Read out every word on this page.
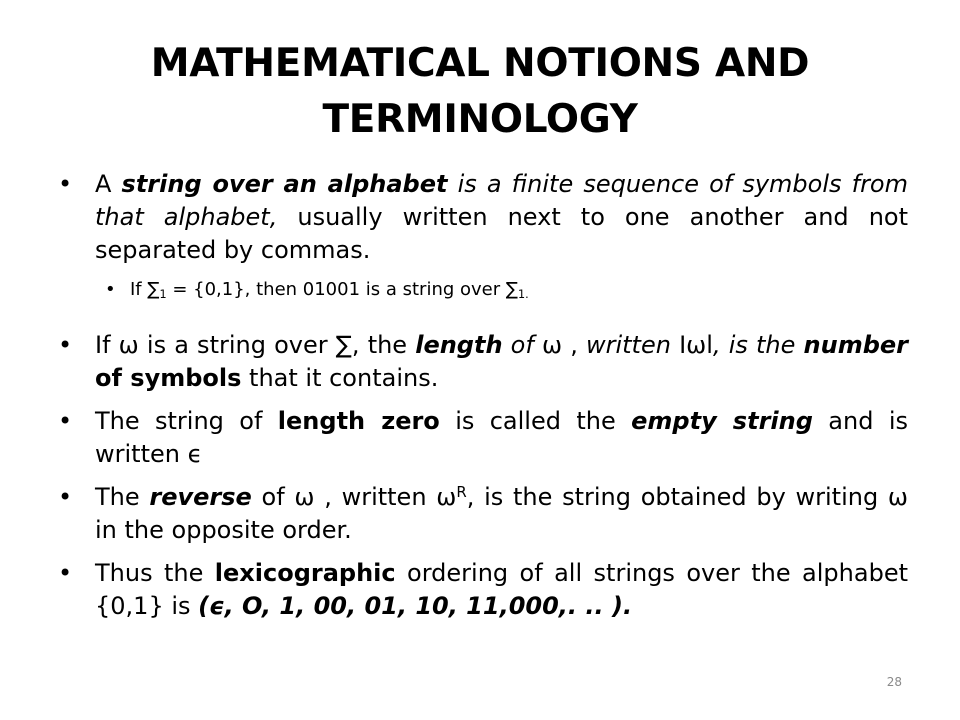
MATHEMATICAL NOTIONS AND
TERMINOLOGY
• A string over an alphabet is a finite sequence of symbols from that alphabet, usually written next to one another and not separated by commas.
• If $\sum_1 = \{0,1\}$, then 01001 is a string over $\sum_{1.}$
• If ω is a string over ∑, the length of ω , written Iωl, is the number of symbols that it contains.
• The string of length zero is called the empty string and is written ϵ
• The reverse of ω , written $\omega^R$, is the string obtained by writing ω in the opposite order.
• Thus the lexicographic ordering of all strings over the alphabet {0,1} is (ϵ, O, 1, 00, 01, 10, 11,000,. .. ).
28
